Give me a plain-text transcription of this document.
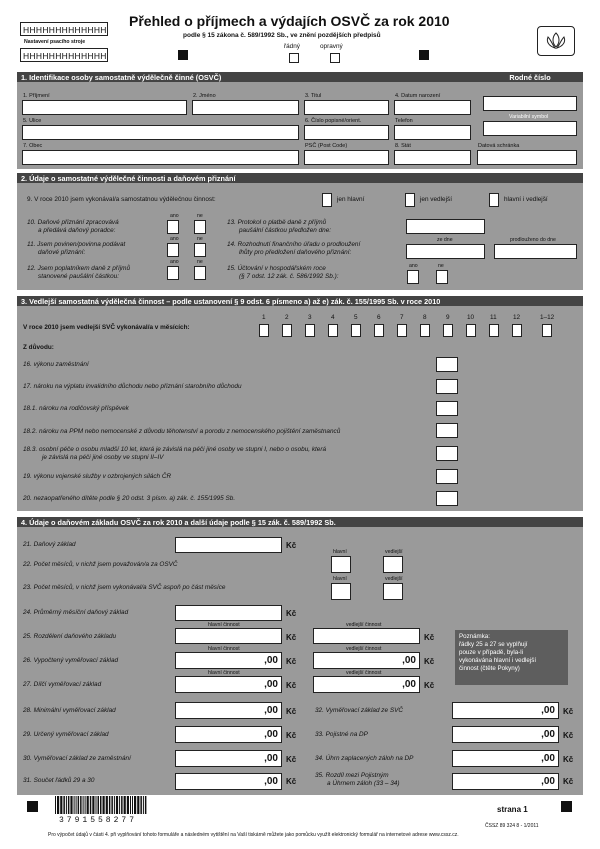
HHHHHHHHHHHHH
Nastavení psacího stroje
HHHHHHHHHHHHH
Přehled o příjmech a výdajích OSVČ za rok 2010
podle § 15 zákona č. 589/1992 Sb., ve znění pozdějších předpisů
řádný	opravný
1. Identifikace osoby samostatně výdělečně činné (OSVČ)	Rodné číslo
Variabilní symbol
1. Příjmení	2. Jméno	3. Titul	4. Datum narození
5. Ulice	6. Číslo popisné/orient.	Telefon
7. Obec	PSČ (Post Code)	8. Stát	Datová schránka
2. Údaje o samostatné výdělečné činnosti a daňovém přiznání
9. V roce 2010 jsem vykonával/a samostatnou výdělečnou činnost:	jen hlavní	jen vedlejší	hlavní i vedlejší
10. Daňové přiznání zpracovává
a předává daňový poradce:
ano	ne
11. Jsem povinen/povinna podávat
daňové přiznání:
ano	ne
12. Jsem poplatníkem daně z příjmů
stanovené paušální částkou:
ano	ne
13. Protokol o platbě daně z příjmů
paušální částkou předložen dne:
14. Rozhodnutí finančního úřadu o prodloužení
lhůty pro předložení daňového přiznání:
ze dne	prodlouženo do dne
15. Účtování v hospodářském roce
(§ 7 odst. 12 zák. č. 586/1992 Sb.):
ano	ne
3. Vedlejší samostatná výdělečná činnost – podle ustanovení § 9 odst. 6 písmeno a) až e) zák. č. 155/1995 Sb. v roce 2010
V roce 2010 jsem vedlejší SVČ vykonával/a v měsících:
1	2	3	4	5	6	7	8	9	10 11	12	1–12
Z důvodu:
16. výkonu zaměstnání
17. nároku na výplatu invalidního důchodu nebo přiznání starobního důchodu
18.1. nároku na rodičovský příspěvek
18.2. nároku na PPM nebo nemocenské z důvodu těhotenství a porodu z nemocenského pojištění zaměstnanců
18.3. osobní péče o osobu mladší 10 let, která je závislá na péči jiné osoby ve stupni I, nebo o osobu, která
je závislá na péči jiné osoby ve stupni II–IV
19. výkonu vojenské služby v ozbrojených silách ČR
20. nezaopatřeného dítěte podle § 20 odst. 3 písm. a) zák. č. 155/1995 Sb.
4. Údaje o daňovém základu OSVČ za rok 2010 a další údaje podle § 15 zák. č. 589/1992 Sb.
21. Daňový základ	Kč
hlavní	vedlejší
22. Počet měsíců, v nichž jsem považován/a za OSVČ
hlavní	vedlejší
23. Počet měsíců, v nichž jsem vykonával/a SVČ aspoň po část měsíce
24. Průměrný měsíční daňový základ	Kč
hlavní činnost	vedlejší činnost
25. Rozdělení daňového základu	Kč	Kč
hlavní činnost	vedlejší činnost
26. Vypočtený vyměřovací základ	,00	Kč	,00	Kč
hlavní činnost	vedlejší činnost
27. Dílčí vyměřovací základ	,00	Kč	,00	Kč
Poznámka:
řádky 25 a 27 se vyplňují
pouze v případě, byla-li
vykonávána hlavní i vedlejší
činnost (čtěte Pokyny)
28. Minimální vyměřovací základ	,00	Kč	32. Vyměřovací základ ze SVČ	,00	Kč
29. Určený vyměřovací základ	,00	Kč	33. Pojistné na DP	,00	Kč
30. Vyměřovací základ ze zaměstnání	,00	Kč	34. Úhrn zaplacených záloh na DP	,00	Kč
31. Součet řádků 29 a 30	,00	Kč
35. Rozdíl mezi Pojistným
a Úhrnem záloh (33 – 34)	,00	Kč
3791558277
strana 1
ČSSZ 89 324 8 - 1/2011
Pro výpočet údajů v části 4. při vyplňování tohoto formuláře a následném vytištění na Vaší tiskárně můžete jako pomůcku využít elektronický formulář na internetové adrese www.cssz.cz.
